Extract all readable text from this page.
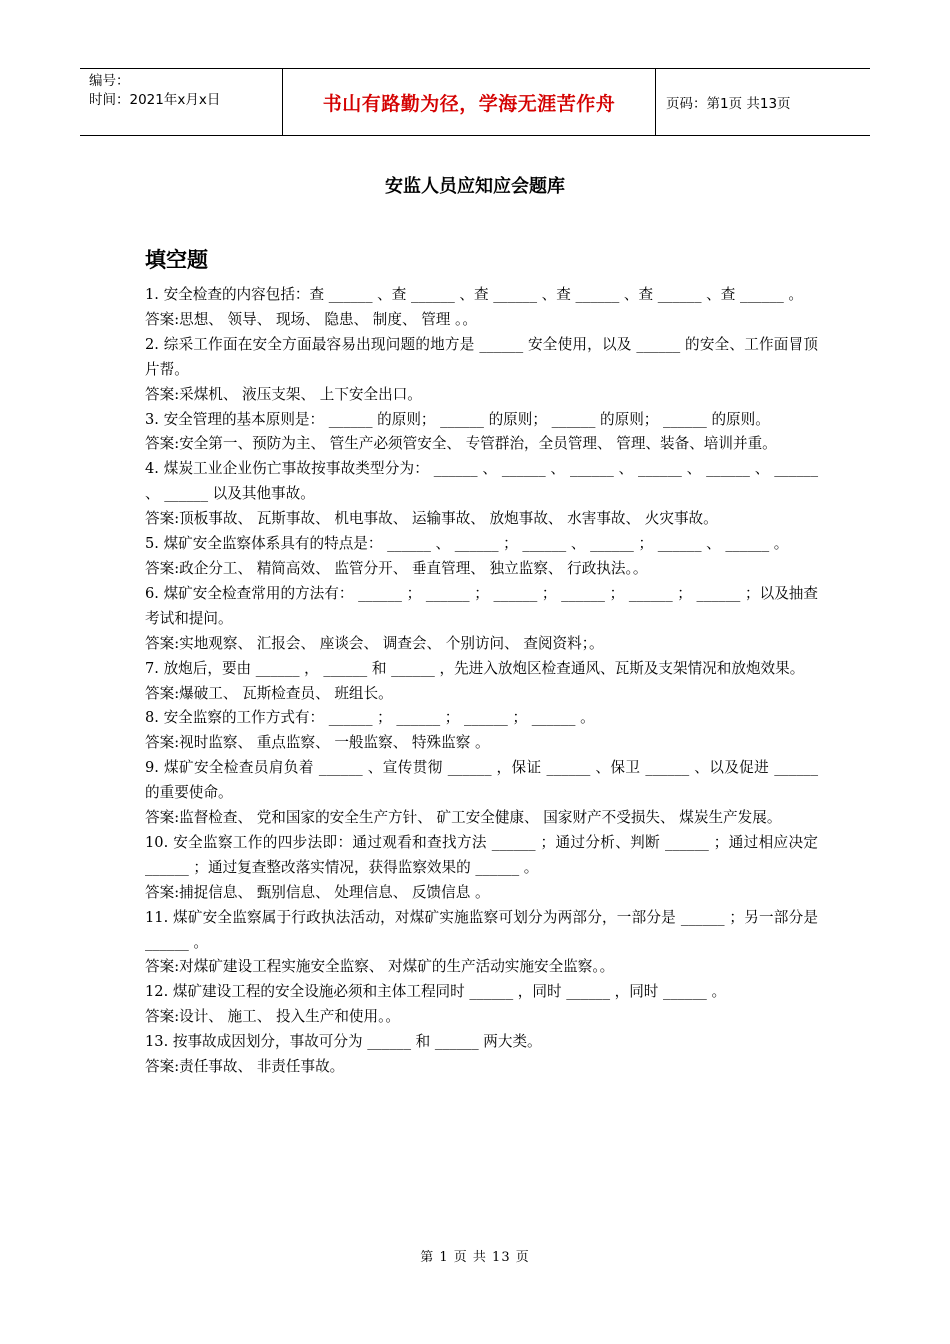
编号：
时间：2021年x月x日	书山有路勤为径，学海无涯苦作舟	页码：第1页 共13页
安监人员应知应会题库
填空题

1. 安全检查的内容包括：查 ______ 、查 ______ 、查 ______ 、查 ______ 、查 ______ 、查 ______ 。

答案:思想、 领导、 现场、 隐患、 制度、 管理 。。

2. 综采工作面在安全方面最容易出现问题的地方是 ______ 安全使用，以及 ______ 的安全、工作面冒顶片帮。

答案:采煤机、 液压支架、 上下安全出口。

3. 安全管理的基本原则是： ______ 的原则； ______ 的原则； ______ 的原则； ______ 的原则。

答案:安全第一、预防为主、 管生产必须管安全、 专管群治，全员管理、 管理、装备、培训并重。

4. 煤炭工业企业伤亡事故按事故类型分为： ______ 、 ______ 、 ______ 、 ______ 、 ______ 、 ______ 、 ______ 以及其他事故。

答案:顶板事故、 瓦斯事故、 机电事故、 运输事故、 放炮事故、 水害事故、 火灾事故。

5. 煤矿安全监察体系具有的特点是： ______ 、 ______ ； ______ 、 ______ ； ______ 、 ______ 。

答案:政企分工、 精简高效、 监管分开、 垂直管理、 独立监察、 行政执法。。

6. 煤矿安全检查常用的方法有： ______ ； ______ ； ______ ； ______ ； ______ ； ______ ；以及抽查考试和提问。

答案:实地观察、 汇报会、 座谈会、 调查会、 个别访问、 查阅资料；。

7. 放炮后，要由 ______ ， ______ 和 ______ ，先进入放炮区检查通风、瓦斯及支架情况和放炮效果。

答案:爆破工、 瓦斯检查员、 班组长。

8. 安全监察的工作方式有： ______ ； ______ ； ______ ； ______ 。

答案:视时监察、 重点监察、 一般监察、 特殊监察 。

9. 煤矿安全检查员肩负着 ______ 、宣传贯彻 ______ ，保证 ______ 、保卫 ______ 、以及促进 ______ 的重要使命。

答案:监督检查、 党和国家的安全生产方针、 矿工安全健康、 国家财产不受损失、 煤炭生产发展。

10. 安全监察工作的四步法即：通过观看和查找方法 ______ ；通过分析、判断 ______ ；通过相应决定 ______ ；通过复查整改落实情况，获得监察效果的 ______ 。

答案:捕捉信息、 甄别信息、 处理信息、 反馈信息 。

11. 煤矿安全监察属于行政执法活动，对煤矿实施监察可划分为两部分，一部分是 ______ ；另一部分是 ______ 。

答案:对煤矿建设工程实施安全监察、 对煤矿的生产活动实施安全监察。。

12. 煤矿建设工程的安全设施必须和主体工程同时 ______ ，同时 ______ ，同时 ______ 。

答案:设计、 施工、 投入生产和使用。。

13. 按事故成因划分，事故可分为 ______ 和 ______ 两大类。

答案:责任事故、 非责任事故。

第 1 页 共 13 页
